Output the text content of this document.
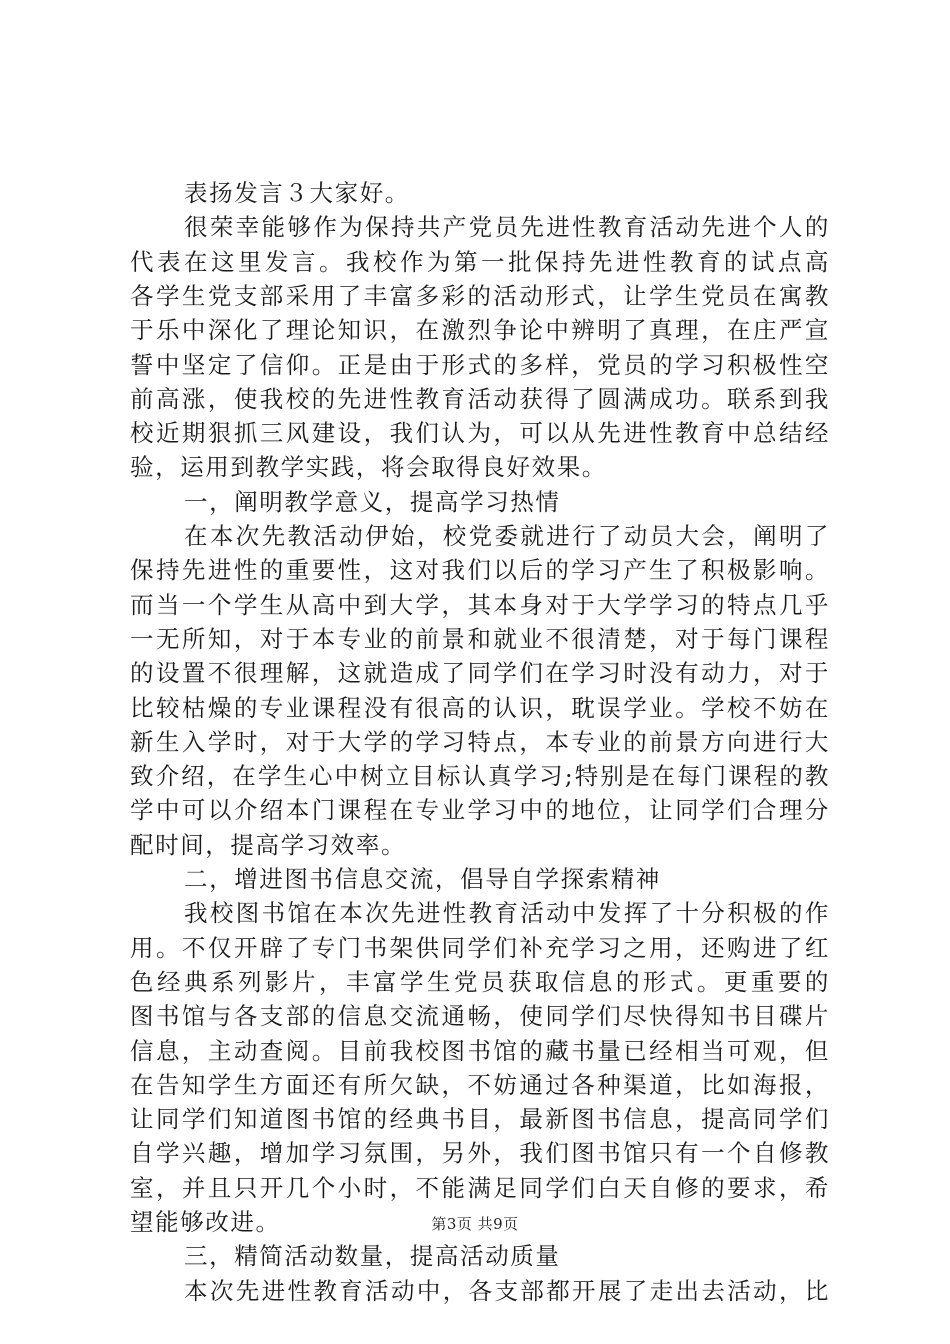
表扬发言３大家好。
很荣幸能够作为保持共产党员先进性教育活动先进个人的
代表在这里发言。我校作为第一批保持先进性教育的试点高
各学生党支部采用了丰富多彩的活动形式，让学生党员在寓教
于乐中深化了理论知识，在激烈争论中辨明了真理，在庄严宣
誓中坚定了信仰。正是由于形式的多样，党员的学习积极性空
前高涨，使我校的先进性教育活动获得了圆满成功。联系到我
校近期狠抓三风建设，我们认为，可以从先进性教育中总结经
验，运用到教学实践，将会取得良好效果。
一，阐明教学意义，提高学习热情
在本次先教活动伊始，校党委就进行了动员大会，阐明了
保持先进性的重要性，这对我们以后的学习产生了积极影响。
而当一个学生从高中到大学，其本身对于大学学习的特点几乎
一无所知，对于本专业的前景和就业不很清楚，对于每门课程
的设置不很理解，这就造成了同学们在学习时没有动力，对于
比较枯燥的专业课程没有很高的认识，耽误学业。学校不妨在
新生入学时，对于大学的学习特点，本专业的前景方向进行大
致介绍，在学生心中树立目标认真学习;特别是在每门课程的教
学中可以介绍本门课程在专业学习中的地位，让同学们合理分
配时间，提高学习效率。
二，增进图书信息交流，倡导自学探索精神
我校图书馆在本次先进性教育活动中发挥了十分积极的作
用。不仅开辟了专门书架供同学们补充学习之用，还购进了红
色经典系列影片，丰富学生党员获取信息的形式。更重要的
图书馆与各支部的信息交流通畅，使同学们尽快得知书目碟片
信息，主动查阅。目前我校图书馆的藏书量已经相当可观，但
在告知学生方面还有所欠缺，不妨通过各种渠道，比如海报，
让同学们知道图书馆的经典书目，最新图书信息，提高同学们
自学兴趣，增加学习氛围，另外，我们图书馆只有一个自修教
室，并且只开几个小时，不能满足同学们白天自修的要求，希
望能够改进。
三，精简活动数量，提高活动质量
本次先进性教育活动中，各支部都开展了走出去活动，比
第3页 共9页
